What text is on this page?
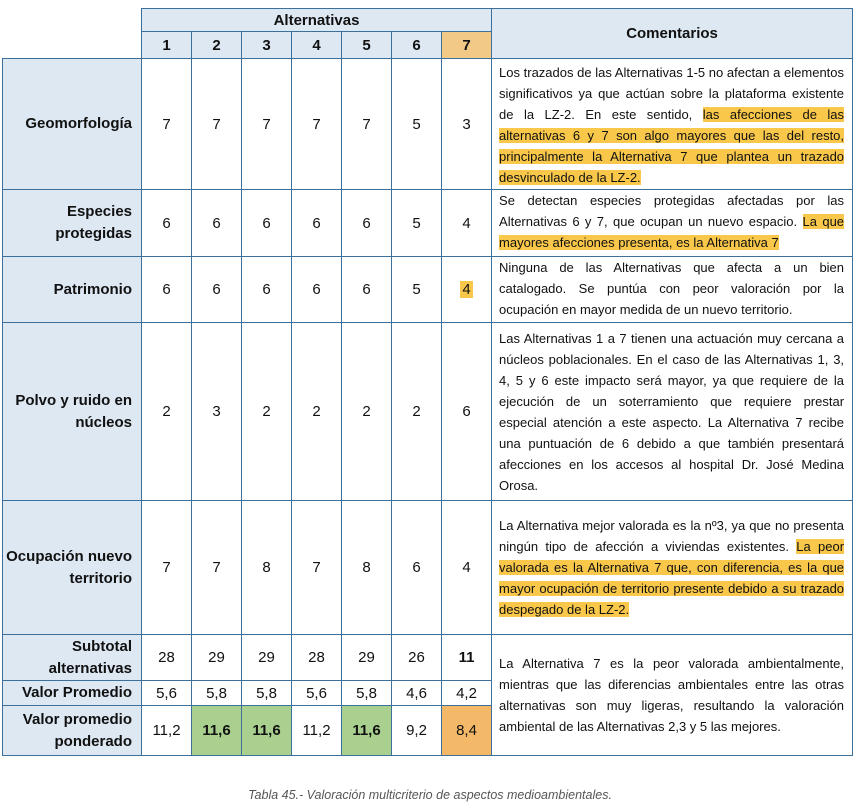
	Alternativas							Comentarios
	1	2	3	4	5	6	7	
Geomorfología	7	7	7	7	7	5	3	Los trazados de las Alternativas 1-5 no afectan a elementos significativos ya que actúan sobre la plataforma existente de la LZ-2. En este sentido, las afecciones de las alternativas 6 y 7 son algo mayores que las del resto, principalmente la Alternativa 7 que plantea un trazado desvinculado de la LZ-2.
Especies protegidas	6	6	6	6	6	5	4	Se detectan especies protegidas afectadas por las Alternativas 6 y 7, que ocupan un nuevo espacio. La que mayores afecciones presenta, es la Alternativa 7
Patrimonio	6	6	6	6	6	5	4	Ninguna de las Alternativas que afecta a un bien catalogado. Se puntúa con peor valoración por la ocupación en mayor medida de un nuevo territorio.
Polvo y ruido en núcleos	2	3	2	2	2	2	6	Las Alternativas 1 a 7 tienen una actuación muy cercana a núcleos poblacionales. En el caso de las Alternativas 1, 3, 4, 5 y 6 este impacto será mayor, ya que requiere de la ejecución de un soterramiento que requiere prestar especial atención a este aspecto. La Alternativa 7 recibe una puntuación de 6 debido a que también presentará afecciones en los accesos al hospital Dr. José Medina Orosa.
Ocupación nuevo territorio	7	7	8	7	8	6	4	La Alternativa mejor valorada es la nº3, ya que no presenta ningún tipo de afección a viviendas existentes. La peor valorada es la Alternativa 7 que, con diferencia, es la que mayor ocupación de territorio presente debido a su trazado despegado de la LZ-2.
Subtotal alternativas	28	29	29	28	29	26	11	La Alternativa 7 es la peor valorada ambientalmente, mientras que las diferencias ambientales entre las otras alternativas son muy ligeras, resultando la valoración ambiental de las Alternativas 2,3 y 5 las mejores.
Valor Promedio	5,6	5,8	5,8	5,6	5,8	4,6	4,2	
Valor promedio ponderado	11,2	11,6	11,6	11,2	11,6	9,2	8,4	
Tabla 45.- Valoración multicriterio de aspectos medioambientales.
